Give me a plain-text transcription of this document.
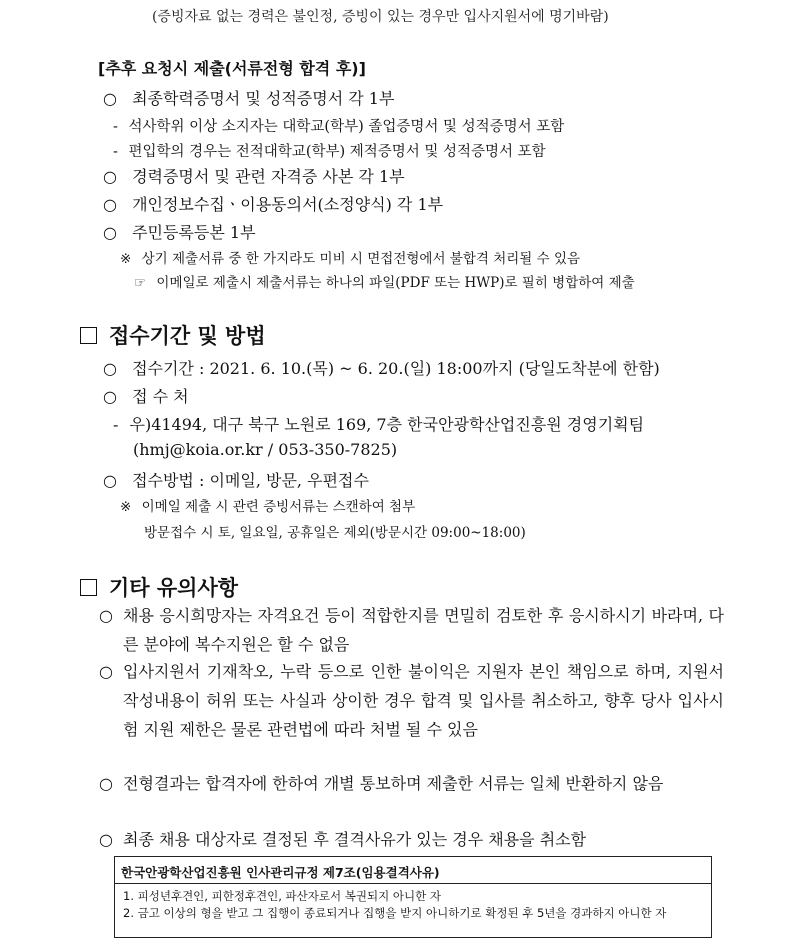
(증빙자료 없는 경력은 불인정, 증빙이 있는 경우만 입사지원서에 명기바람)
[추후 요청시 제출(서류전형 합격 후)]
○ 최종학력증명서 및 성적증명서 각 1부
- 석사학위 이상 소지자는 대학교(학부) 졸업증명서 및 성적증명서 포함
- 편입학의 경우는 전적대학교(학부) 제적증명서 및 성적증명서 포함
○ 경력증명서 및 관련 자격증 사본 각 1부
○ 개인정보수집ㆍ이용동의서(소정양식) 각 1부
○ 주민등록등본 1부
※ 상기 제출서류 중 한 가지라도 미비 시 면접전형에서 불합격 처리될 수 있음
☞ 이메일로 제출시 제출서류는 하나의 파일(PDF 또는 HWP)로 필히 병합하여 제출
접수기간 및 방법
○ 접수기간 : 2021. 6. 10.(목) ~ 6. 20.(일) 18:00까지 (당일도착분에 한함)
○ 접 수 처
- 우)41494, 대구 북구 노원로 169, 7층 한국안광학산업진흥원 경영기획팀
(hmj@koia.or.kr / 053-350-7825)
○ 접수방법 : 이메일, 방문, 우편접수
※ 이메일 제출 시 관련 증빙서류는 스캔하여 첨부
방문접수 시 토, 일요일, 공휴일은 제외(방문시간 09:00~18:00)
기타 유의사항
○ 채용 응시희망자는 자격요건 등이 적합한지를 면밀히 검토한 후 응시하시기 바라며, 다른 분야에 복수지원은 할 수 없음
○ 입사지원서 기재착오, 누락 등으로 인한 불이익은 지원자 본인 책임으로 하며, 지원서 작성내용이 허위 또는 사실과 상이한 경우 합격 및 입사를 취소하고, 향후 당사 입사시험 지원 제한은 물론 관련법에 따라 처벌 될 수 있음
○ 전형결과는 합격자에 한하여 개별 통보하며 제출한 서류는 일체 반환하지 않음
○ 최종 채용 대상자로 결정된 후 결격사유가 있는 경우 채용을 취소함
한국안광학산업진흥원 인사관리규정 제7조(임용결격사유)
1. 피성년후견인, 피한정후견인, 파산자로서 복권되지 아니한 자
2. 금고 이상의 형을 받고 그 집행이 종료되거나 집행을 받지 아니하기로 확정된 후 5년을 경과하지 아니한 자
